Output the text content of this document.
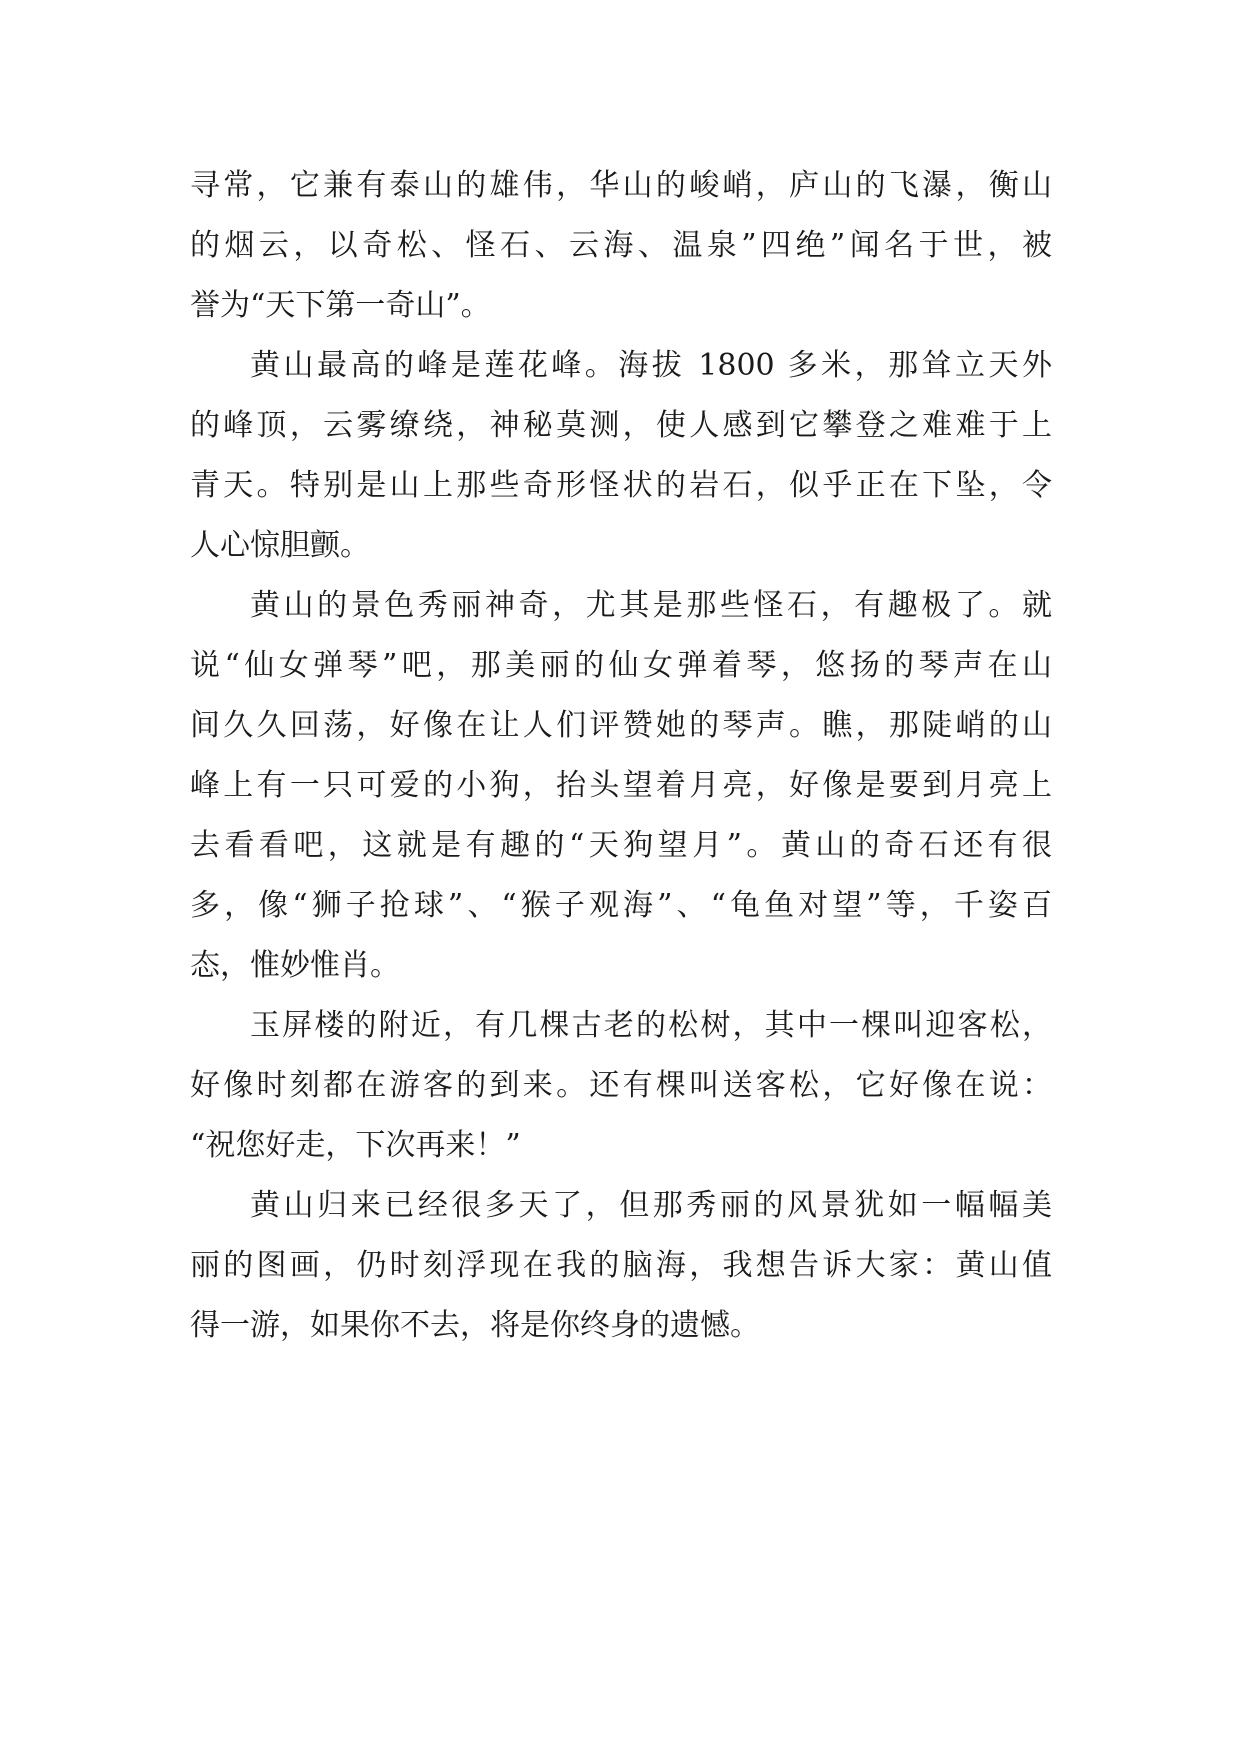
寻常，它兼有泰山的雄伟，华山的峻峭，庐山的飞瀑，衡山
的烟云，以奇松、怪石、云海、温泉”四绝”闻名于世，被
誉为“天下第一奇山”。
黄山最高的峰是莲花峰。海拔 1800 多米，那耸立天外
的峰顶，云雾缭绕，神秘莫测，使人感到它攀登之难难于上
青天。特别是山上那些奇形怪状的岩石，似乎正在下坠，令
人心惊胆颤。
黄山的景色秀丽神奇，尤其是那些怪石，有趣极了。就
说“仙女弹琴”吧，那美丽的仙女弹着琴，悠扬的琴声在山
间久久回荡，好像在让人们评赞她的琴声。瞧，那陡峭的山
峰上有一只可爱的小狗，抬头望着月亮，好像是要到月亮上
去看看吧，这就是有趣的“天狗望月”。黄山的奇石还有很
多，像“狮子抢球”、“猴子观海”、“龟鱼对望”等，千姿百
态，惟妙惟肖。
玉屏楼的附近，有几棵古老的松树，其中一棵叫迎客松，
好像时刻都在游客的到来。还有棵叫送客松，它好像在说：
“祝您好走，下次再来！”
黄山归来已经很多天了，但那秀丽的风景犹如一幅幅美
丽的图画，仍时刻浮现在我的脑海，我想告诉大家：黄山值
得一游，如果你不去，将是你终身的遗憾。
